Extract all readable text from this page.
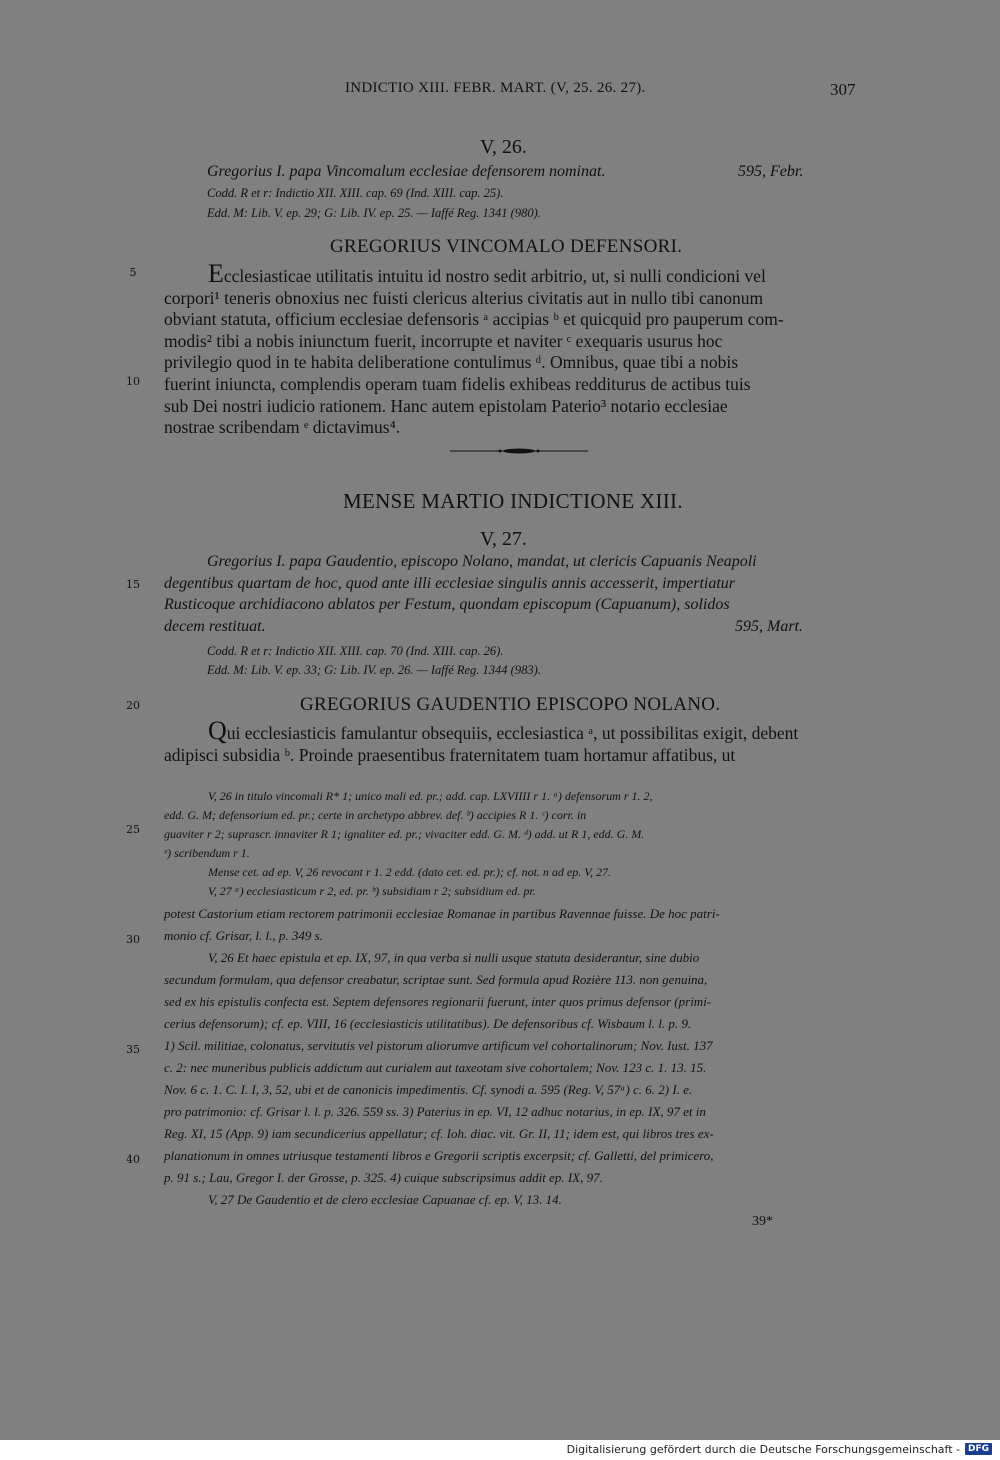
INDICTIO XIII. FEBR. MART. (V, 25. 26. 27).	307

V, 26.

Gregorius I. papa Vincomalum ecclesiae defensorem nominat.	595, Febr.

Codd. R et r: Indictio XII. XIII. cap. 69 (Ind. XIII. cap. 25).

Edd. M: Lib. V. ep. 29; G: Lib. IV. ep. 25. — Iaffé Reg. 1341 (980).

GREGORIUS VINCOMALO DEFENSORI.

Ecclesiasticae utilitatis intuitu id nostro sedit arbitrio, ut, si nulli condicioni vel
corpori¹ teneris obnoxius nec fuisti clericus alterius civitatis aut in nullo tibi canonum
obviant statuta, officium ecclesiae defensoris ᵃ accipias ᵇ et quicquid pro pauperum com-
modis² tibi a nobis iniunctum fuerit, incorrupte et naviter ᶜ exequaris usurus hoc
privilegio quod in te habita deliberatione contulimus ᵈ. Omnibus, quae tibi a nobis
fuerint iniuncta, complendis operam tuam fidelis exhibeas redditurus de actibus tuis
sub Dei nostri iudicio rationem. Hanc autem epistolam Paterio³ notario ecclesiae
nostrae scribendam ᵉ dictavimus⁴.

MENSE MARTIO INDICTIONE XIII.

V, 27.

Gregorius I. papa Gaudentio, episcopo Nolano, mandat, ut clericis Capuanis Neapoli
degentibus quartam de hoc, quod ante illi ecclesiae singulis annis accesserit, impertiatur
Rusticoque archidiacono ablatos per Festum, quondam episcopum (Capuanum), solidos
decem restituat.	595, Mart.

Codd. R et r: Indictio XII. XIII. cap. 70 (Ind. XIII. cap. 26).

Edd. M: Lib. V. ep. 33; G: Lib. IV. ep. 26. — Iaffé Reg. 1344 (983).

GREGORIUS GAUDENTIO EPISCOPO NOLANO.

Qui ecclesiasticis famulantur obsequiis, ecclesiastica ᵃ, ut possibilitas exigit, debent
adipisci subsidia ᵇ. Proinde praesentibus fraternitatem tuam hortamur affatibus, ut
V, 26 in titulo vincomali R* 1; unico mali ed. pr.; add. cap. LXVIIII r 1. ᵃ) defensorum r 1. 2,
edd. G. M; defensorium ed. pr.; certe in archetypo abbrev. def. ᵇ) accipies R 1. ᶜ) corr. in
guaviter r 2; suprascr. innaviter R 1; ignaliter ed. pr.; vivaciter edd. G. M. ᵈ) add. ut R 1, edd. G. M.
ᵉ) scribendum r 1.
Mense cet. ad ep. V, 26 revocant r 1. 2 edd. (dato cet. ed. pr.); cf. not. n ad ep. V, 27.
V, 27 ᵃ) ecclesiasticum r 2, ed. pr. ᵇ) subsidiam r 2; subsidium ed. pr.
potest Castorium etiam rectorem patrimonii ecclesiae Romanae in partibus Ravennae fuisse. De hoc patri-
monio cf. Grisar, l. l., p. 349 s.
V, 26 Et haec epistula et ep. IX, 97, in qua verba si nulli usque statuta desiderantur, sine dubio
secundum formulam, qua defensor creabatur, scriptae sunt. Sed formula apud Rozière 113. non genuina,
sed ex his epistulis confecta est. Septem defensores regionarii fuerunt, inter quos primus defensor (primi-
cerius defensorum); cf. ep. VIII, 16 (ecclesiasticis utilitatibus). De defensoribus cf. Wisbaum l. l. p. 9.
1) Scil. militiae, colonatus, servitutis vel pistorum aliorumve artificum vel cohortalinorum; Nov. Iust. 137
c. 2: nec muneribus publicis addictum aut curialem aut taxeotam sive cohortalem; Nov. 123 c. 1. 13. 15.
Nov. 6 c. 1. C. I. I, 3, 52, ubi et de canonicis impedimentis. Cf. synodi a. 595 (Reg. V, 57ᵃ) c. 6. 2) I. e.
pro patrimonio: cf. Grisar l. l. p. 326. 559 ss. 3) Paterius in ep. VI, 12 adhuc notarius, in ep. IX, 97 et in
Reg. XI, 15 (App. 9) iam secundicerius appellatur; cf. Ioh. diac. vit. Gr. II, 11; idem est, qui libros tres ex-
planationum in omnes utriusque testamenti libros e Gregorii scriptis excerpsit; cf. Galletti, del primicero,
p. 91 s.; Lau, Gregor I. der Grosse, p. 325. 4) cuique subscripsimus addit ep. IX, 97.
V, 27 De Gaudentio et de clero ecclesiae Capuanae cf. ep. V, 13. 14.

39*

5
10
15
20
25
30
35
40
Digitalisierung gefördert durch die Deutsche Forschungsgemeinschaft - DFG
